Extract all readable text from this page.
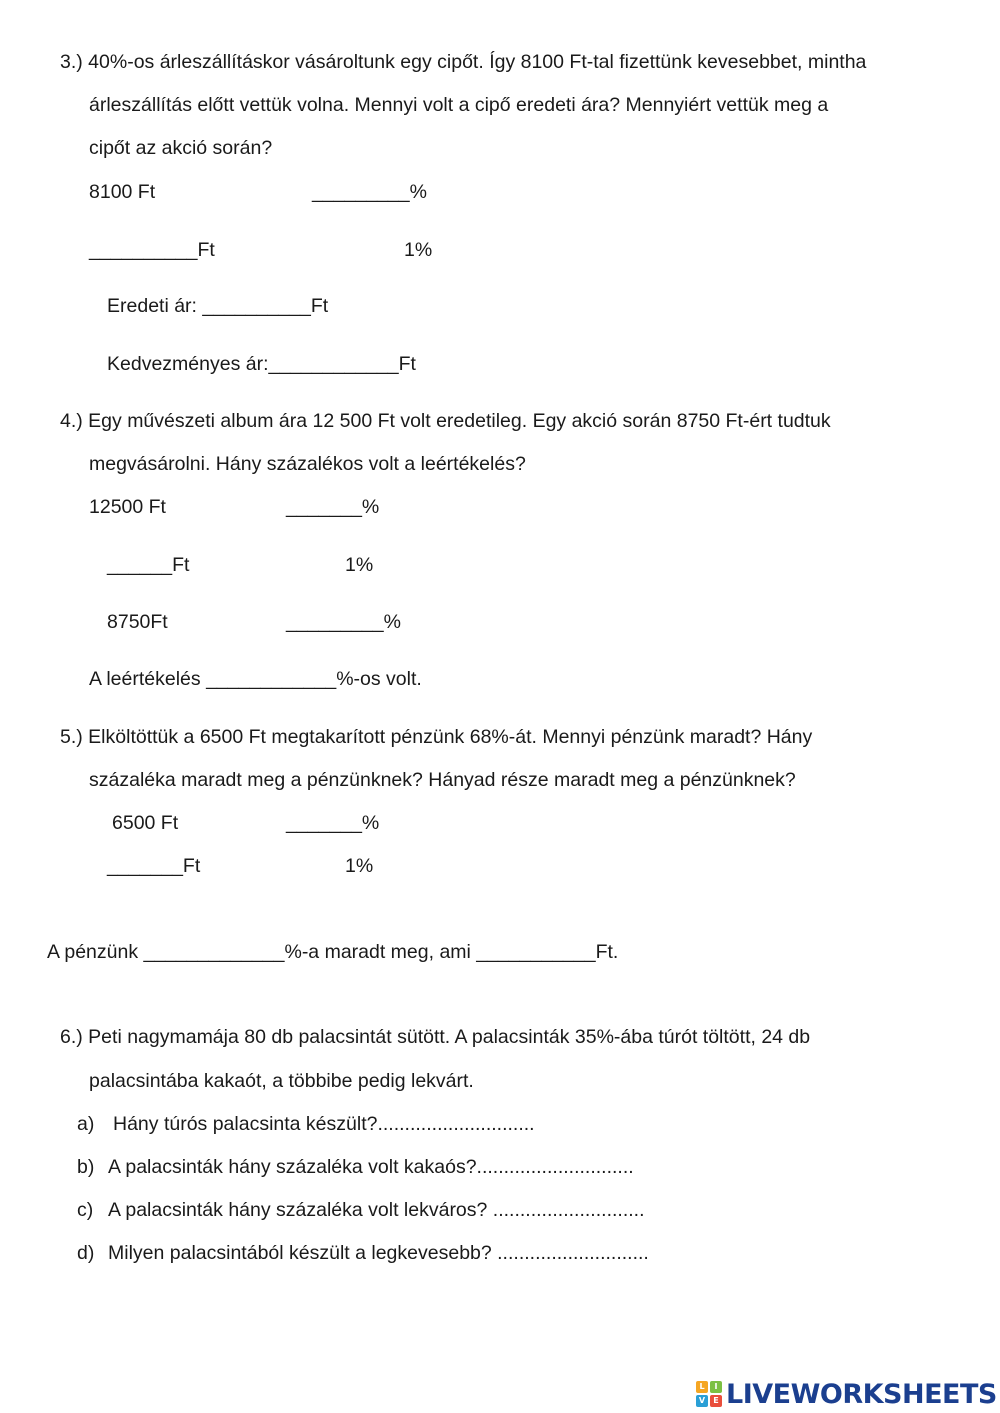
3.) 40%-os árleszállításkor vásároltunk egy cipőt. Így 8100 Ft-tal fizettünk kevesebbet, mintha
árleszállítás előtt vettük volna. Mennyi volt a cipő eredeti ára? Mennyiért vettük meg a
cipőt az akció során?
8100 Ft	_________%
__________Ft	1%
Eredeti ár: __________Ft
Kedvezményes ár:____________Ft
4.) Egy művészeti album ára 12 500 Ft volt eredetileg. Egy akció során 8750 Ft-ért tudtuk
megvásárolni. Hány százalékos volt a leértékelés?
12500 Ft	_______%
______Ft	1%
8750Ft	_________%
A leértékelés ____________%-os volt.
5.) Elköltöttük a 6500 Ft megtakarított pénzünk 68%-át. Mennyi pénzünk maradt? Hány
százaléka maradt meg a pénzünknek? Hányad része maradt meg a pénzünknek?
6500 Ft	_______%
_______Ft	1%
A pénzünk _____________%-a maradt meg, ami ___________Ft.
6.) Peti nagymamája 80 db palacsintát sütött. A palacsinták 35%-ába túrót töltött, 24 db
palacsintába kakaót, a többibe pedig lekvárt.
a) Hány túrós palacsinta készült?.............................
b) A palacsinták hány százaléka volt kakaós?.............................
c) A palacsinták hány százaléka volt lekváros? ............................
d) Milyen palacsintából készült a legkevesebb? ............................
L	I
V	E LIVEWORKSHEETS
